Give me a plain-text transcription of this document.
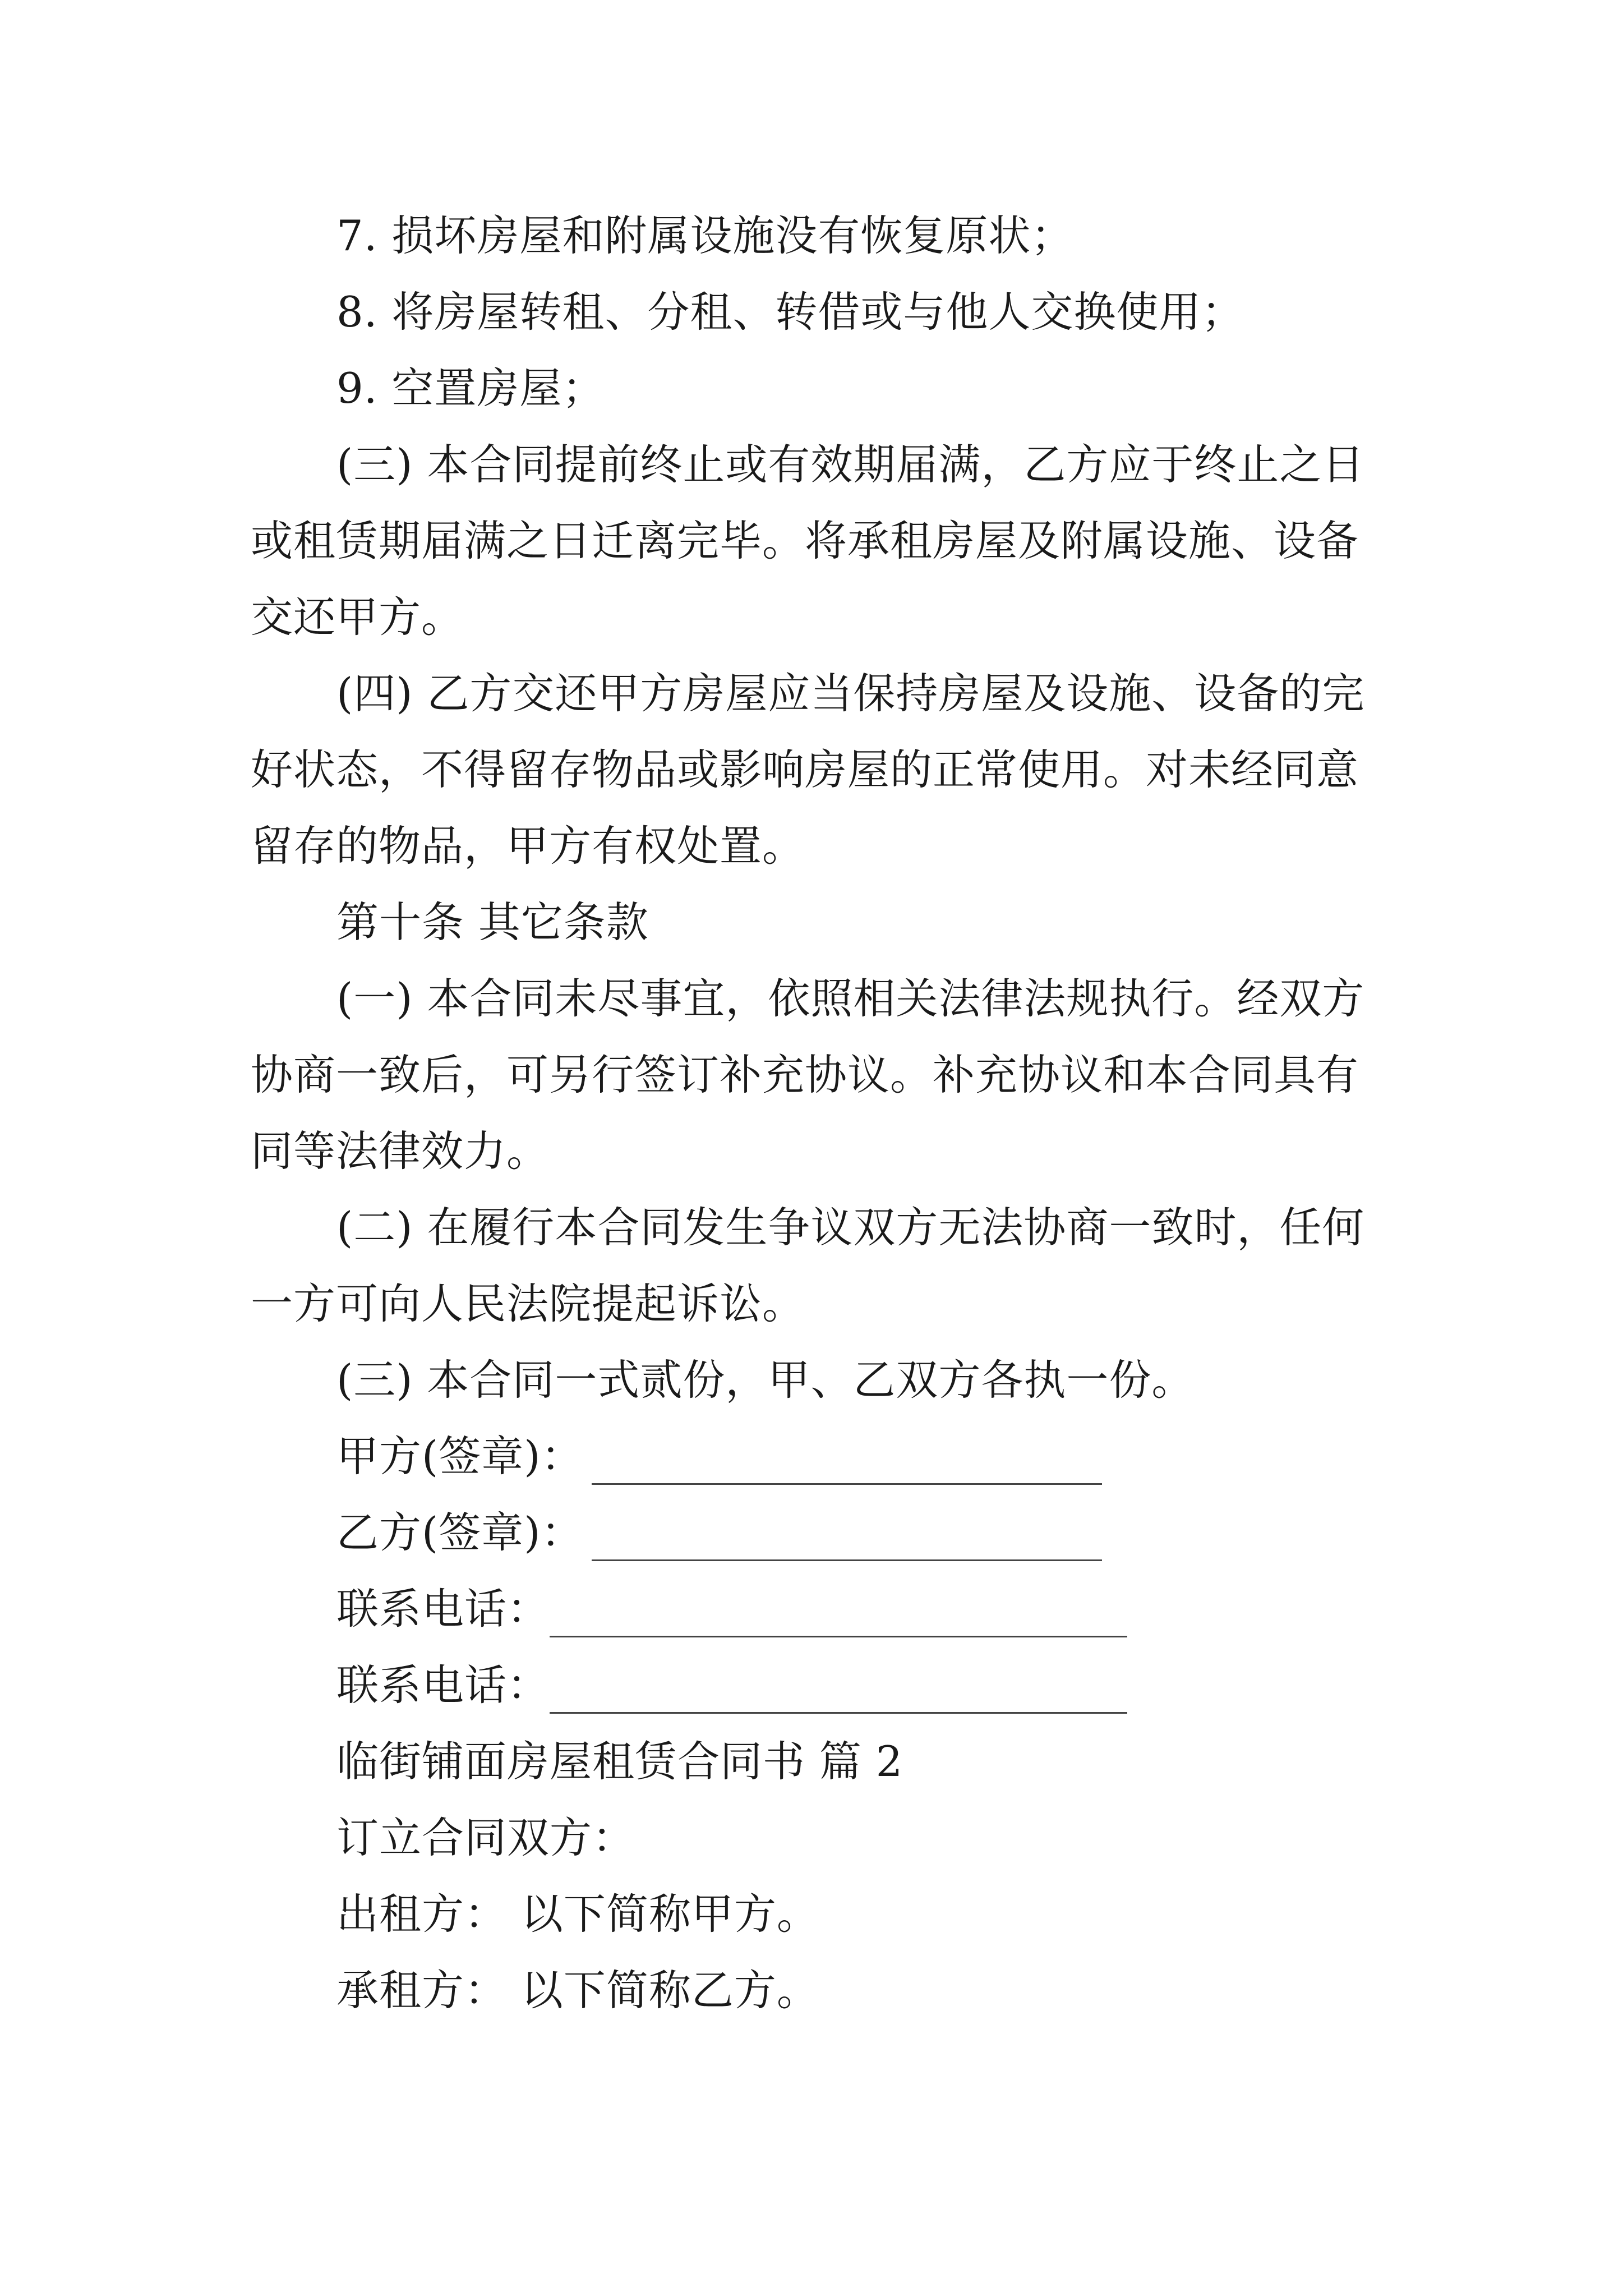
7. 损坏房屋和附属设施没有恢复原状；
8. 将房屋转租、分租、转借或与他人交换使用；
9. 空置房屋；
(三) 本合同提前终止或有效期届满，乙方应于终止之日
或租赁期届满之日迁离完毕。将承租房屋及附属设施、设备
交还甲方。
(四) 乙方交还甲方房屋应当保持房屋及设施、设备的完
好状态，不得留存物品或影响房屋的正常使用。对未经同意
留存的物品，甲方有权处置。
第十条 其它条款
(一) 本合同未尽事宜，依照相关法律法规执行。经双方
协商一致后，可另行签订补充协议。补充协议和本合同具有
同等法律效力。
(二) 在履行本合同发生争议双方无法协商一致时，任何
一方可向人民法院提起诉讼。
(三) 本合同一式贰份，甲、乙双方各执一份。
甲方(签章)：
乙方(签章)：
联系电话：
联系电话：
临街铺面房屋租赁合同书 篇 2
订立合同双方：
出租方： 以下简称甲方。
承租方： 以下简称乙方。
